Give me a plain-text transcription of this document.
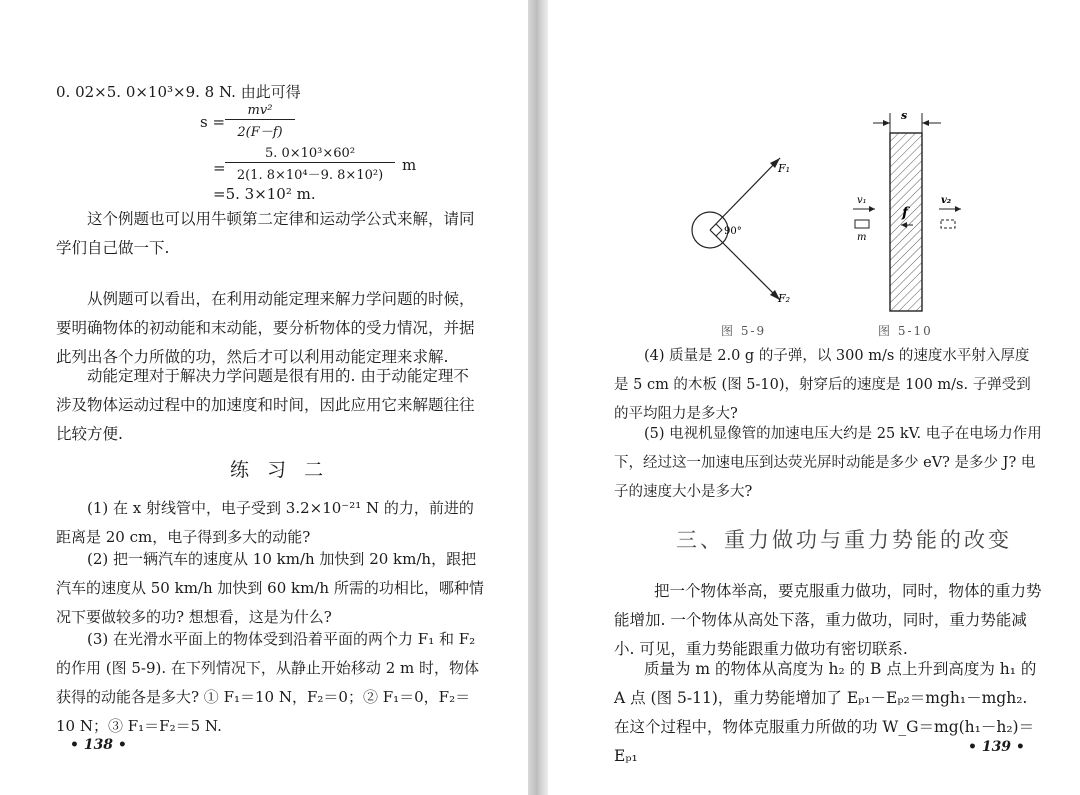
0. 02×5. 0×10³×9. 8 N. 由此可得
s =
mv²
2(F－f)
=
5. 0×10³×60²
2(1. 8×10⁴－9. 8×10²)
m
=5. 3×10² m.
这个例题也可以用牛顿第二定律和运动学公式来解，请同学们自己做一下.
从例题可以看出，在利用动能定理来解力学问题的时候，要明确物体的初动能和末动能，要分析物体的受力情况，并据此列出各个力所做的功，然后才可以利用动能定理来求解.
动能定理对于解决力学问题是很有用的. 由于动能定理不涉及物体运动过程中的加速度和时间，因此应用它来解题往往比较方便.
练 习 二
(1) 在 x 射线管中，电子受到 3.2×10⁻²¹ N 的力，前进的距离是 20 cm，电子得到多大的动能?
(2) 把一辆汽车的速度从 10 km/h 加快到 20 km/h，跟把汽车的速度从 50 km/h 加快到 60 km/h 所需的功相比，哪种情况下要做较多的功? 想想看，这是为什么?
(3) 在光滑水平面上的物体受到沿着平面的两个力 F₁ 和 F₂ 的作用 (图 5-9). 在下列情况下，从静止开始移动 2 m 时，物体获得的动能各是多大? ① F₁＝10 N，F₂＝0；② F₁＝0，F₂＝10 N；③ F₁＝F₂＝5 N.
• 138 •
F₁
F₂
90°
s
v₁
m
f
v₂
图 5-9	图 5-10
(4) 质量是 2.0 g 的子弹，以 300 m/s 的速度水平射入厚度是 5 cm 的木板 (图 5-10)，射穿后的速度是 100 m/s. 子弹受到的平均阻力是多大?
(5) 电视机显像管的加速电压大约是 25 kV. 电子在电场力作用下，经过这一加速电压到达荧光屏时动能是多少 eV? 是多少 J? 电子的速度大小是多大?
三、重力做功与重力势能的改变
把一个物体举高，要克服重力做功，同时，物体的重力势能增加. 一个物体从高处下落，重力做功，同时，重力势能减小. 可见，重力势能跟重力做功有密切联系.
质量为 m 的物体从高度为 h₂ 的 B 点上升到高度为 h₁ 的 A 点 (图 5-11)，重力势能增加了 Eₚ₁－Eₚ₂＝mgh₁－mgh₂. 在这个过程中，物体克服重力所做的功 W_G＝mg(h₁－h₂)＝Eₚ₁	• 139 •
